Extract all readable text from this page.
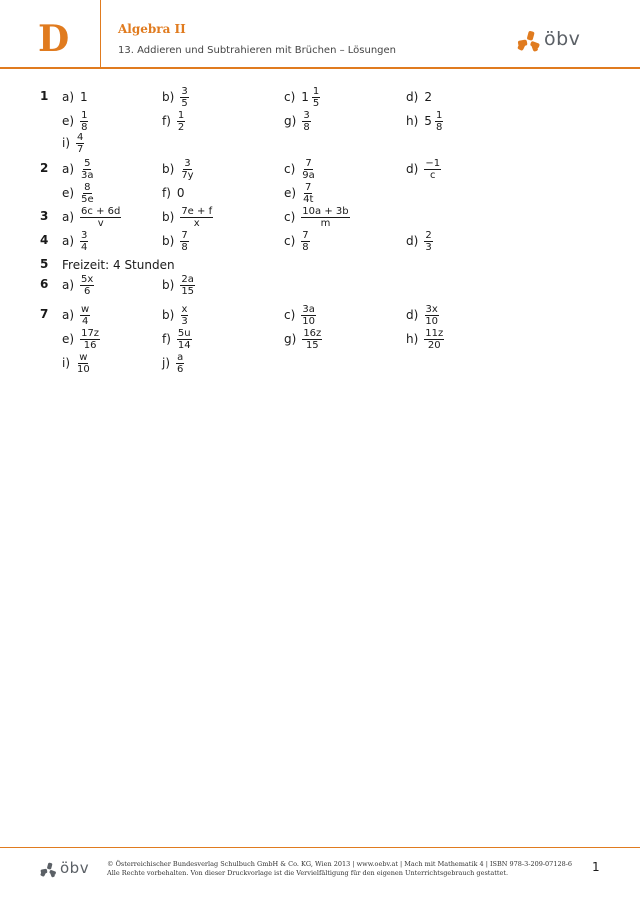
D	Algebra II
13. Addieren und Subtrahieren mit Brüchen – Lösungen
öbv
1 a) 1	$b) \frac{3}{5}$	c) $1 \frac{1}{5}$	d) 2
$e) \frac{1}{8}$	$f) \frac{1}{2}$	$g) \frac{3}{8}$	h) $5 \frac{1}{8}$
$i) \frac{4}{7}$
2 $a) \frac{5}{3a}$	$b) \frac{3}{7y}$	$c) \frac{7}{9a}$	$d) \frac{-1}{c}$
$e) \frac{8}{5e}$	f) 0	$e) \frac{7}{4t}$
3 $a) \frac{6c + 6d}{v}$	$b) \frac{7e + f}{x}$	$c) \frac{10a + 3b}{m}$
4 $a) \frac{3}{4}$	$b) \frac{7}{8}$	$c) \frac{7}{8}$	$d) \frac{2}{3}$
5 Freizeit: 4 Stunden
6 $a) \frac{5x}{6}$	$b) \frac{2a}{15}$
7 $a) \frac{w}{4}$	$b) \frac{x}{3}$	$c) \frac{3a}{10}$	$d) \frac{3x}{10}$
$e) \frac{17z}{16}$	$f) \frac{5u}{14}$	$g) \frac{16z}{15}$	$h) \frac{11z}{20}$
$i) \frac{w}{10}$	$j) \frac{a}{6}$
öbv	© Österreichischer Bundesverlag Schulbuch GmbH & Co. KG, Wien 2013 | www.oebv.at | Mach mit Mathematik 4 | ISBN 978-3-209-07128-6
Alle Rechte vorbehalten. Von dieser Druckvorlage ist die Vervielfältigung für den eigenen Unterrichtsgebrauch gestattet.	1
